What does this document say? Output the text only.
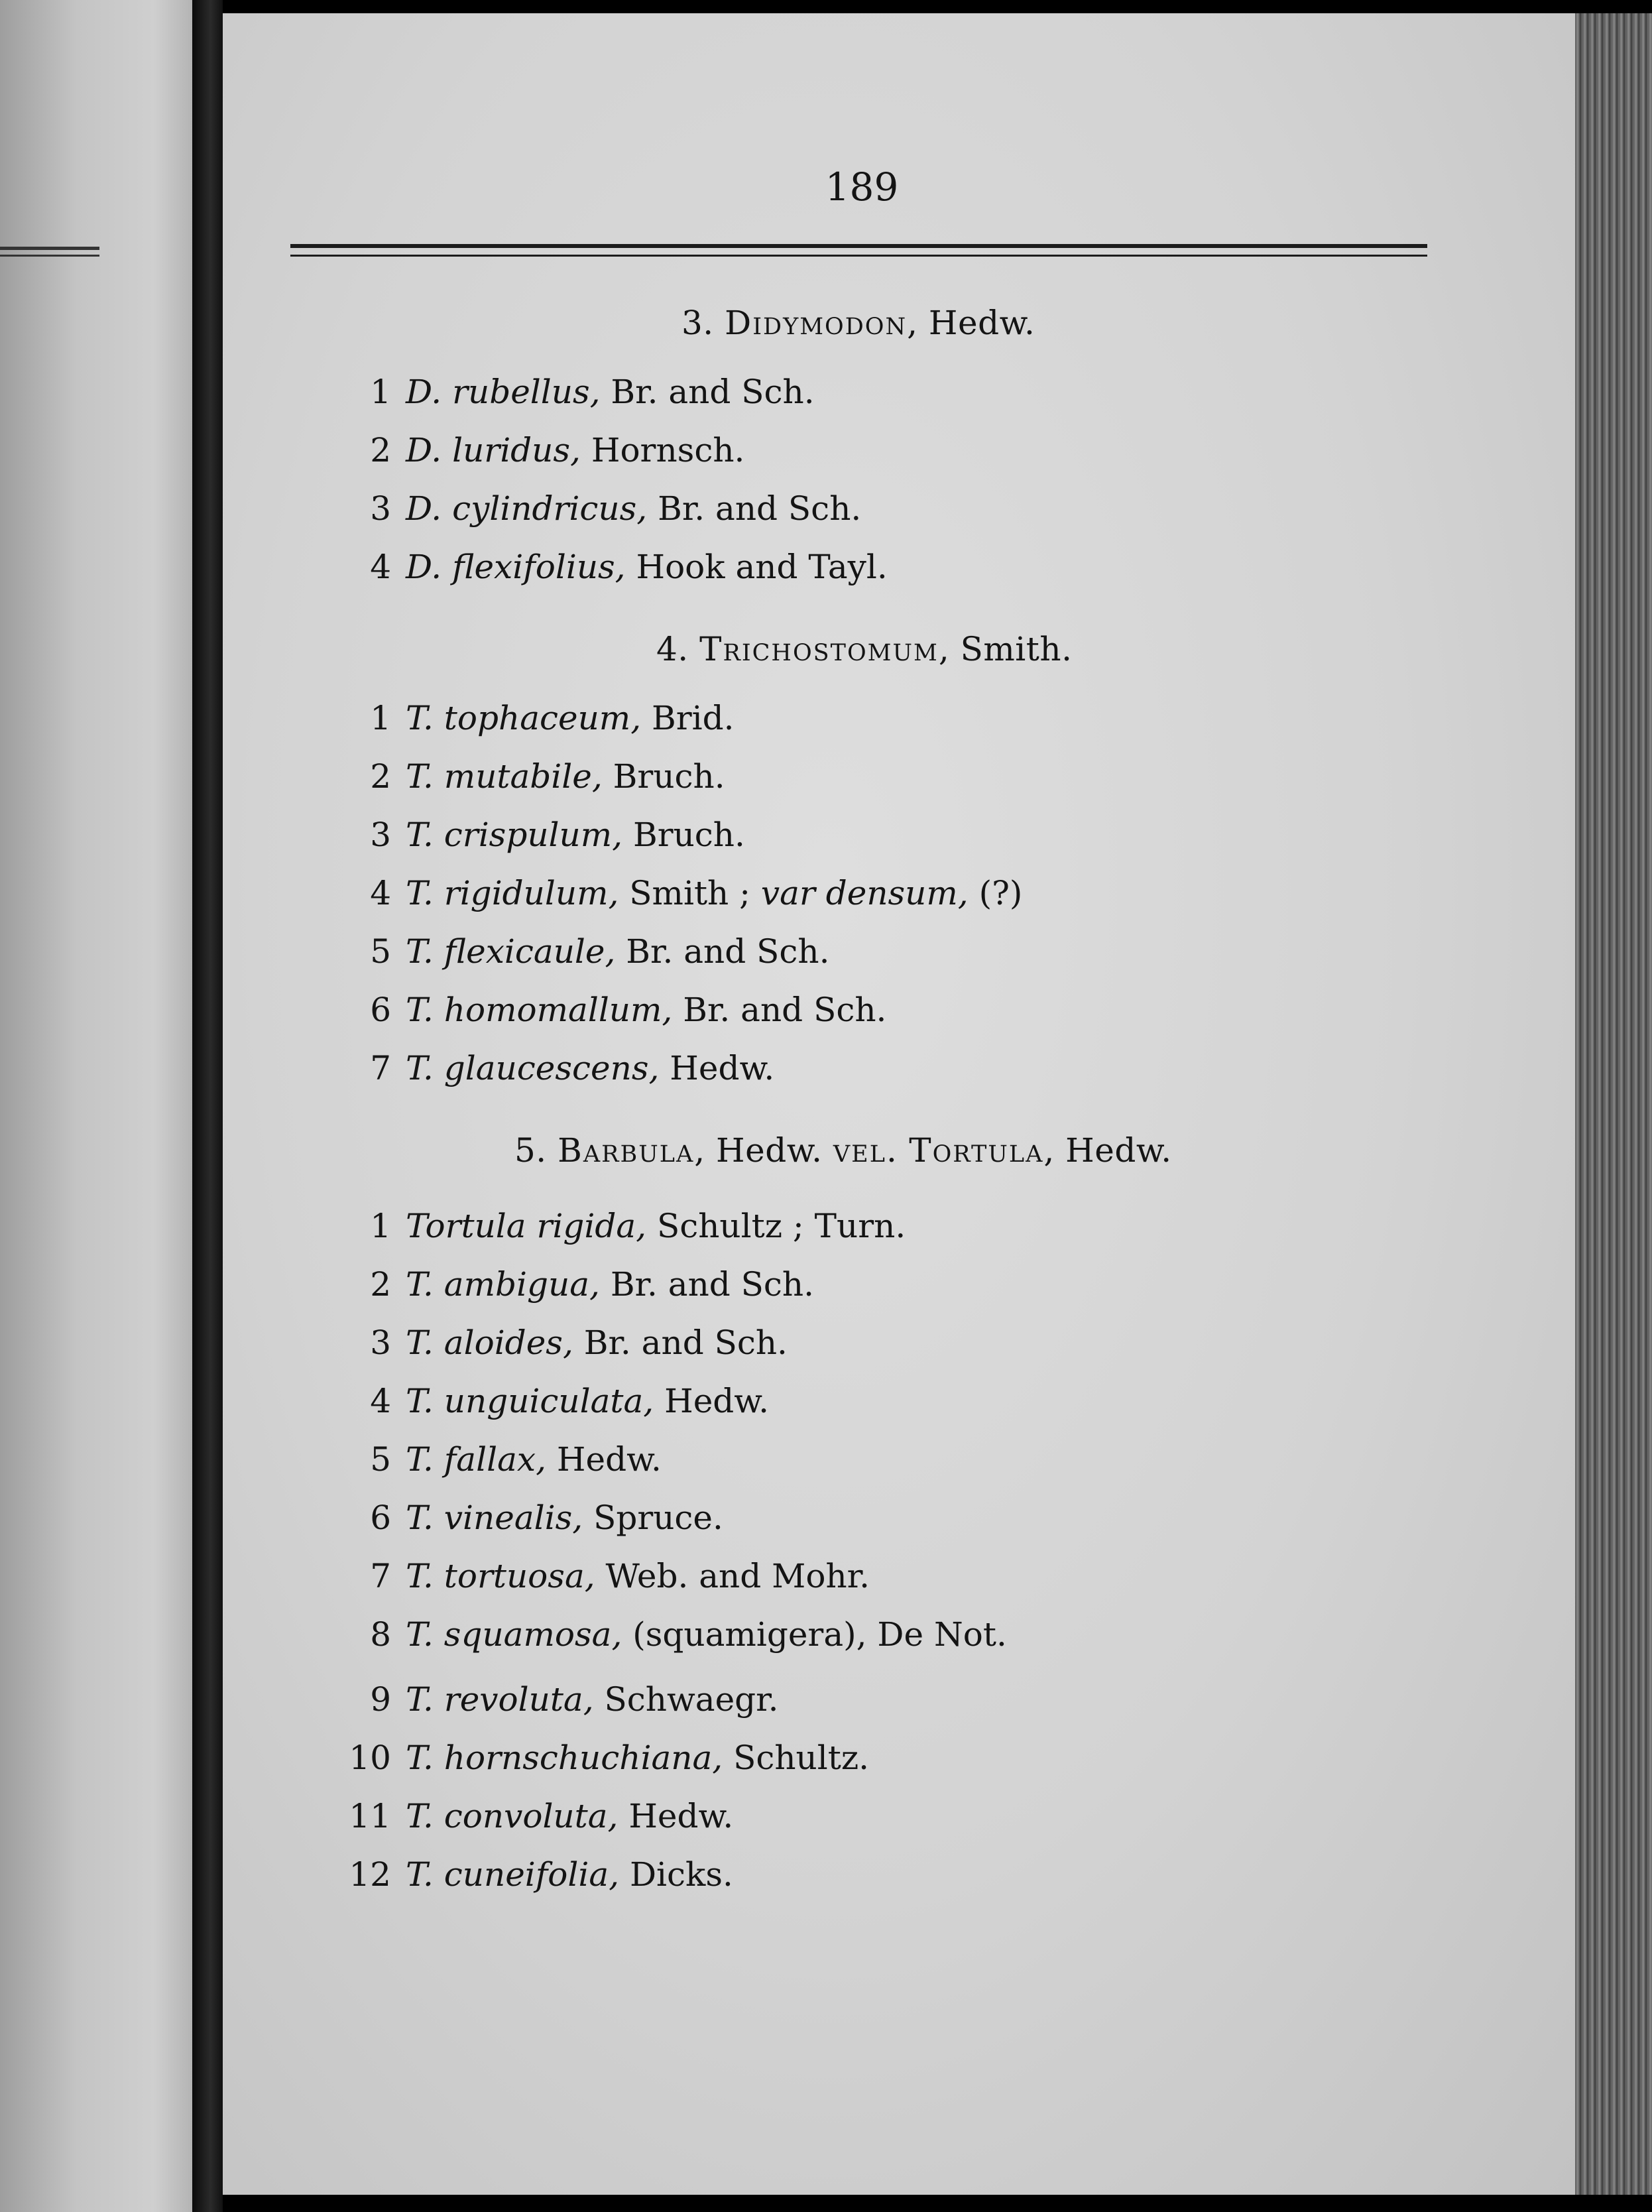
189
3. Didymodon, Hedw.
1 D. rubellus, Br. and Sch.
2 D. luridus, Hornsch.
3 D. cylindricus, Br. and Sch.
4 D. flexifolius, Hook and Tayl.
4. Trichostomum, Smith.
1 T. tophaceum, Brid.
2 T. mutabile, Bruch.
3 T. crispulum, Bruch.
4 T. rigidulum, Smith ; var densum, (?)
5 T. flexicaule, Br. and Sch.
6 T. homomallum, Br. and Sch.
7 T. glaucescens, Hedw.
5. Barbula, Hedw. vel. Tortula, Hedw.
1 Tortula rigida, Schultz ; Turn.
2 T. ambigua, Br. and Sch.
3 T. aloides, Br. and Sch.
4 T. unguiculata, Hedw.
5 T. fallax, Hedw.
6 T. vinealis, Spruce.
7 T. tortuosa, Web. and Mohr.
8 T. squamosa, (squamigera), De Not.
9 T. revoluta, Schwaegr.
10 T. hornschuchiana, Schultz.
11 T. convoluta, Hedw.
12 T. cuneifolia, Dicks.
